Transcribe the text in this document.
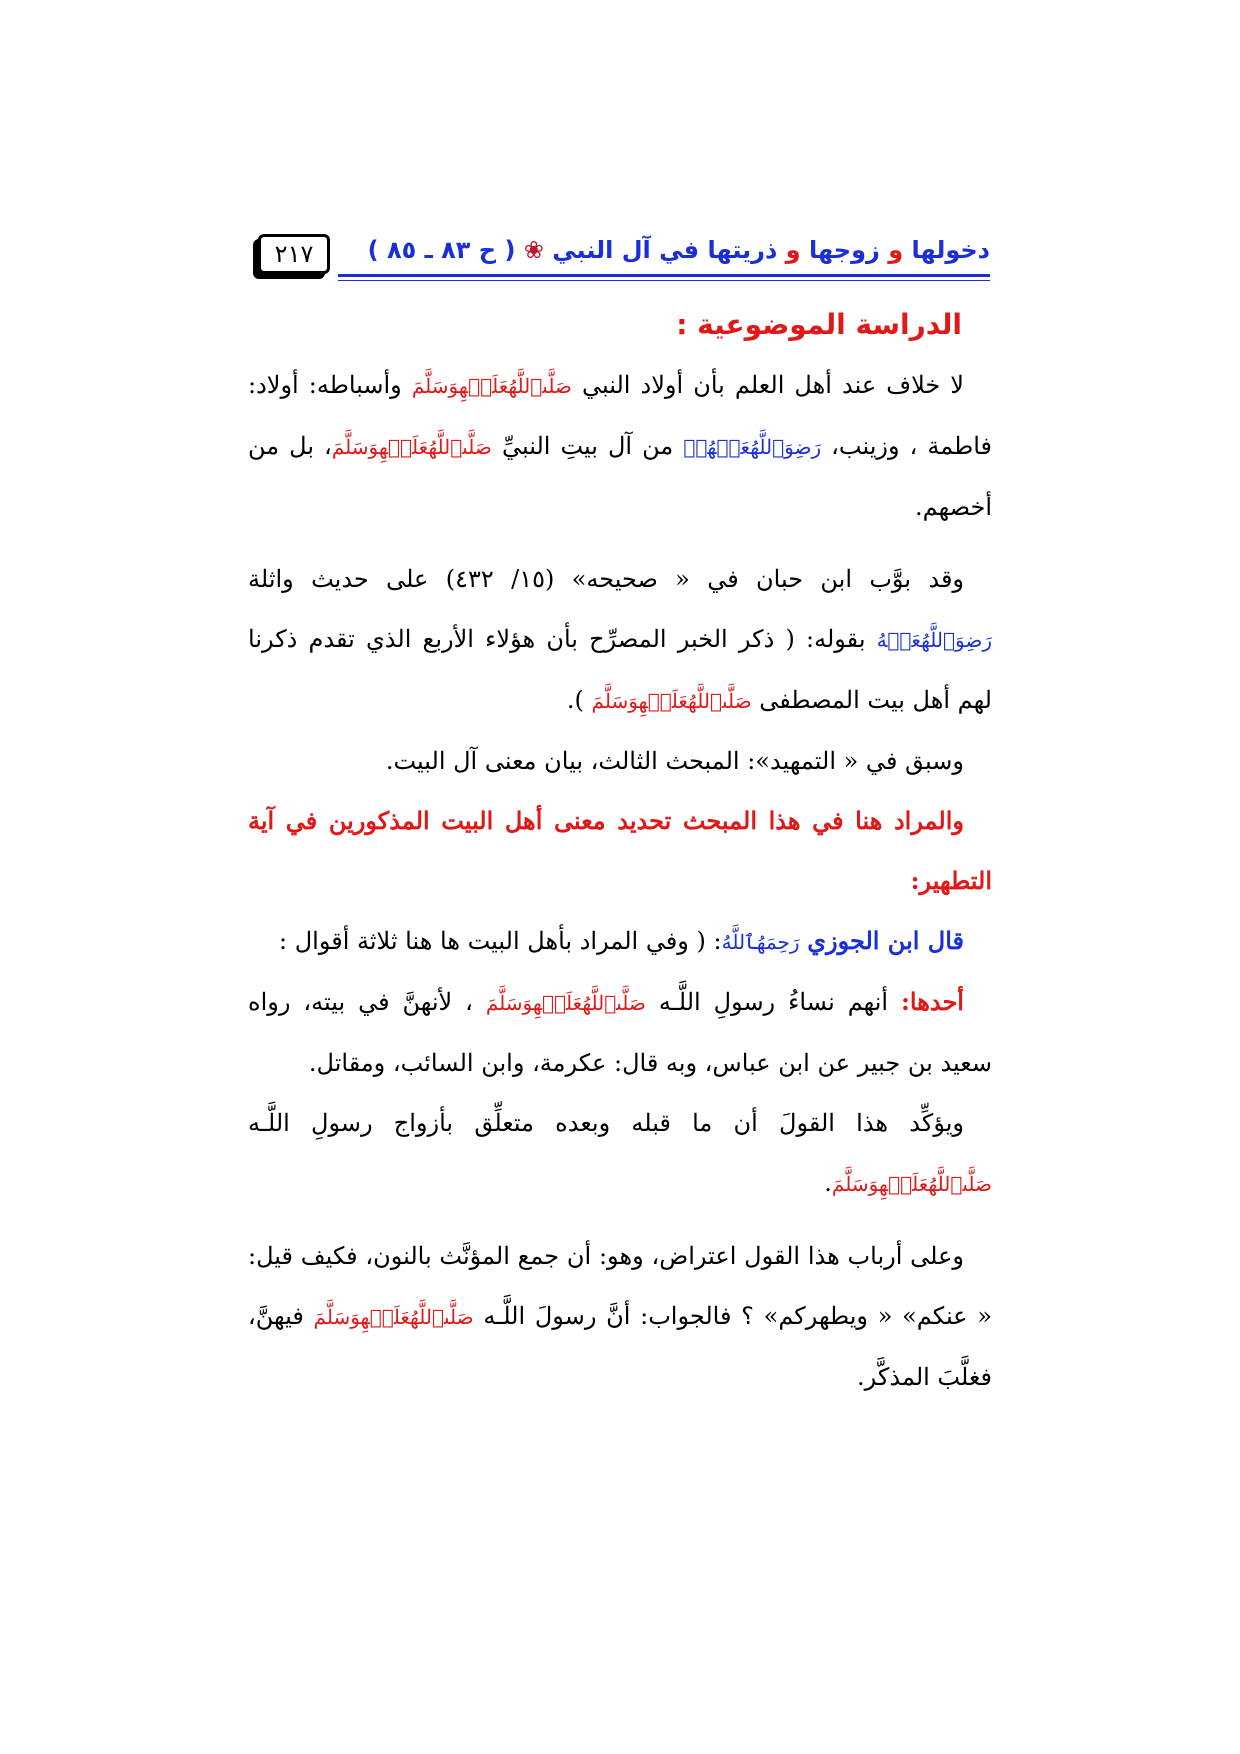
دخولها و زوجها و ذريتها في آل النبي ❀ ( ح ٨٣ ـ ٨٥ )
٢١٧
الدراسة الموضوعية :

لا خلاف عند أهل العلم بأن أولاد النبي صَلَّىٱللَّهُعَلَيۡهِوَسَلَّمَ وأسباطه: أولاد: فاطمة ، وزينب، رَضِوَٱللَّهُعَنۡهُمۡ من آل بيتِ النبيِّ صَلَّىٱللَّهُعَلَيۡهِوَسَلَّمَ، بل من أخصهم.

وقد بوَّب ابن حبان في « صحيحه» (١٥/ ٤٣٢) على حديث واثلة رَضِوَٱللَّهُعَنۡهُ بقوله: ( ذكر الخبر المصرِّح بأن هؤلاء الأربع الذي تقدم ذكرنا لهم أهل بيت المصطفى صَلَّىٱللَّهُعَلَيۡهِوَسَلَّمَ ).

وسبق في « التمهيد»: المبحث الثالث، بيان معنى آل البيت.

والمراد هنا في هذا المبحث تحديد معنى أهل البيت المذكورين في آية التطهير:

قال ابن الجوزي رَحِمَهُٱللَّهُ: ( وفي المراد بأهل البيت ها هنا ثلاثة أقوال :

أحدها: أنهم نساءُ رسولِ اللَّـه صَلَّىٱللَّهُعَلَيۡهِوَسَلَّمَ ، لأنهنَّ في بيته، رواه سعيد بن جبير عن ابن عباس، وبه قال: عكرمة، وابن السائب، ومقاتل.

ويؤكِّد هذا القولَ أن ما قبله وبعده متعلِّق بأزواج رسولِ اللَّـه صَلَّىٱللَّهُعَلَيۡهِوَسَلَّمَ.

وعلى أرباب هذا القول اعتراض، وهو: أن جمع المؤنَّث بالنون، فكيف قيل: « عنكم» « ويطهركم» ؟ فالجواب: أنَّ رسولَ اللَّـه صَلَّىٱللَّهُعَلَيۡهِوَسَلَّمَ فيهنَّ، فغلَّبَ المذكَّر.
